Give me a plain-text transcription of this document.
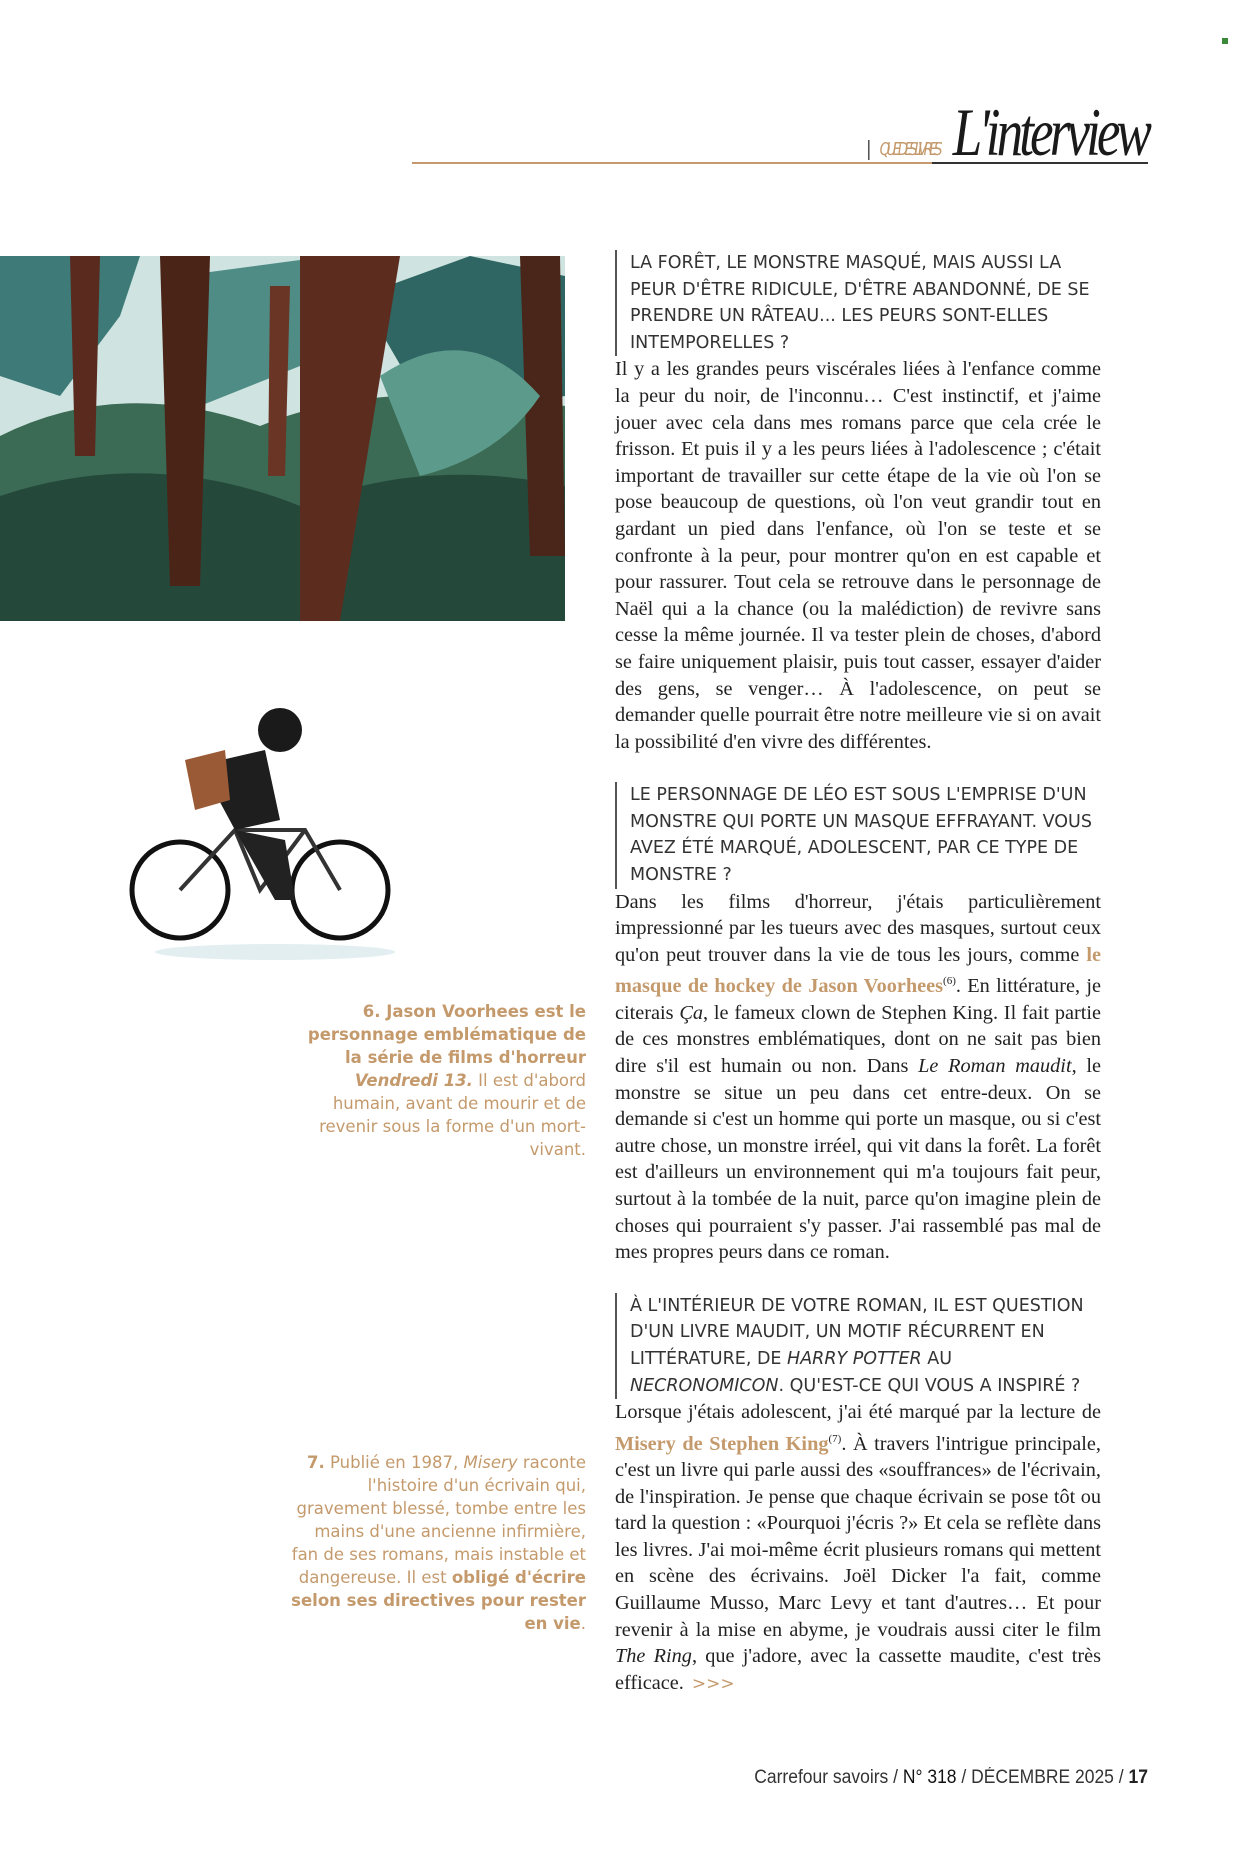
QUE DES LIVRES L'interview
6. Jason Voorhees est le personnage emblématique de la série de films d'horreur Vendredi 13. Il est d'abord humain, avant de mourir et de revenir sous la forme d'un mort-vivant.
7. Publié en 1987, Misery raconte l'histoire d'un écrivain qui, gravement blessé, tombe entre les mains d'une ancienne infirmière, fan de ses romans, mais instable et dangereuse. Il est obligé d'écrire selon ses directives pour rester en vie.
LA FORÊT, LE MONSTRE MASQUÉ, MAIS AUSSI LA PEUR D'ÊTRE RIDICULE, D'ÊTRE ABANDONNÉ, DE SE PRENDRE UN RÂTEAU... LES PEURS SONT-ELLES INTEMPORELLES ?

Il y a les grandes peurs viscérales liées à l'enfance comme la peur du noir, de l'inconnu… C'est instinctif, et j'aime jouer avec cela dans mes romans parce que cela crée le frisson. Et puis il y a les peurs liées à l'adolescence ; c'était important de travailler sur cette étape de la vie où l'on se pose beaucoup de questions, où l'on veut grandir tout en gardant un pied dans l'enfance, où l'on se teste et se confronte à la peur, pour montrer qu'on en est capable et pour rassurer. Tout cela se retrouve dans le personnage de Naël qui a la chance (ou la malédiction) de revivre sans cesse la même journée. Il va tester plein de choses, d'abord se faire uniquement plaisir, puis tout casser, essayer d'aider des gens, se venger… À l'adolescence, on peut se demander quelle pourrait être notre meilleure vie si on avait la possibilité d'en vivre des différentes.

LE PERSONNAGE DE LÉO EST SOUS L'EMPRISE D'UN MONSTRE QUI PORTE UN MASQUE EFFRAYANT. VOUS AVEZ ÉTÉ MARQUÉ, ADOLESCENT, PAR CE TYPE DE MONSTRE ?

Dans les films d'horreur, j'étais particulièrement impressionné par les tueurs avec des masques, surtout ceux qu'on peut trouver dans la vie de tous les jours, comme le masque de hockey de Jason Voorhees$^{(6)}$. En littérature, je citerais Ça, le fameux clown de Stephen King. Il fait partie de ces monstres emblématiques, dont on ne sait pas bien dire s'il est humain ou non. Dans Le Roman maudit, le monstre se situe un peu dans cet entre-deux. On se demande si c'est un homme qui porte un masque, ou si c'est autre chose, un monstre irréel, qui vit dans la forêt. La forêt est d'ailleurs un environnement qui m'a toujours fait peur, surtout à la tombée de la nuit, parce qu'on imagine plein de choses qui pourraient s'y passer. J'ai rassemblé pas mal de mes propres peurs dans ce roman.

À L'INTÉRIEUR DE VOTRE ROMAN, IL EST QUESTION D'UN LIVRE MAUDIT, UN MOTIF RÉCURRENT EN LITTÉRATURE, DE HARRY POTTER AU NECRONOMICON. QU'EST-CE QUI VOUS A INSPIRÉ ?

Lorsque j'étais adolescent, j'ai été marqué par la lecture de Misery de Stephen King$^{(7)}$. À travers l'intrigue principale, c'est un livre qui parle aussi des «souffrances» de l'écrivain, de l'inspiration. Je pense que chaque écrivain se pose tôt ou tard la question : «Pourquoi j'écris ?» Et cela se reflète dans les livres. J'ai moi-même écrit plusieurs romans qui mettent en scène des écrivains. Joël Dicker l'a fait, comme Guillaume Musso, Marc Levy et tant d'autres… Et pour revenir à la mise en abyme, je voudrais aussi citer le film The Ring, que j'adore, avec la cassette maudite, c'est très efficace. >>>

Carrefour savoirs / N° 318 / DÉCEMBRE 2025 / 17
